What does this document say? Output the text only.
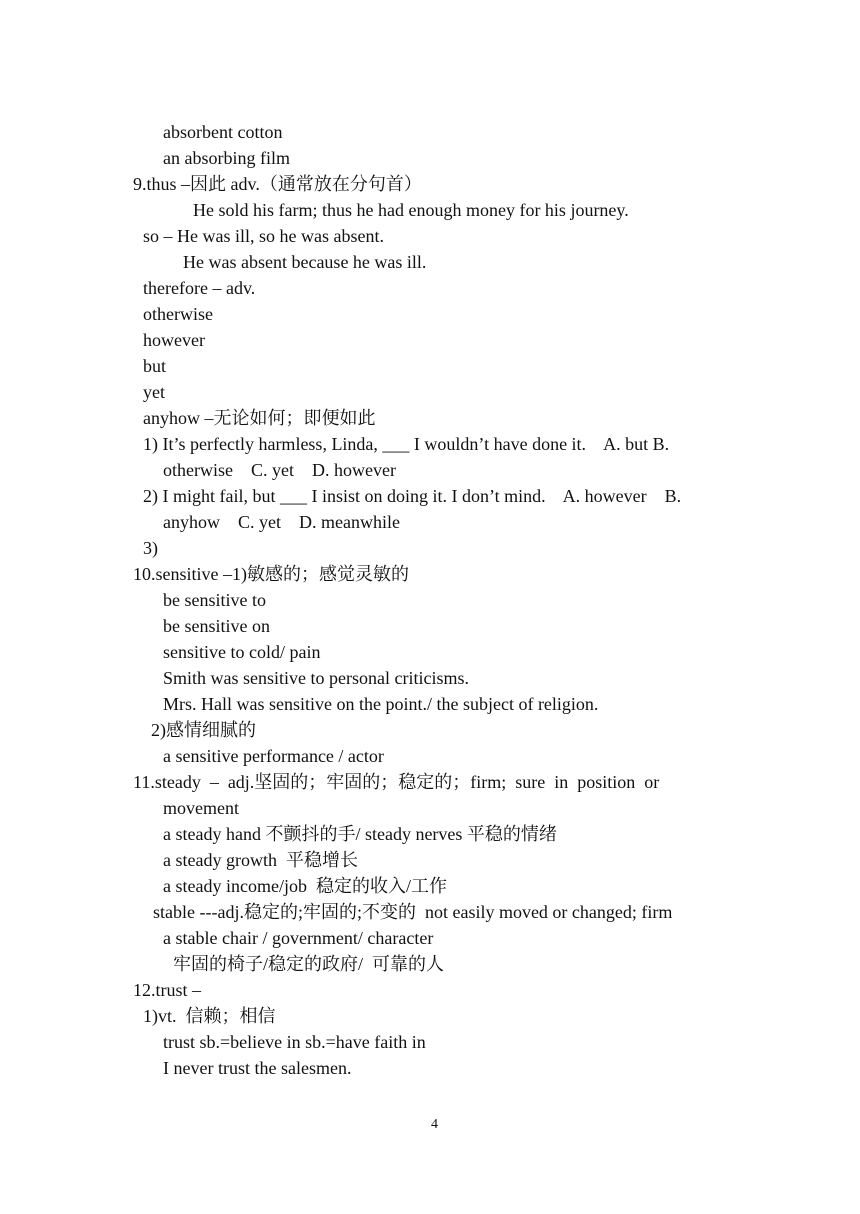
absorbent cotton
an absorbing film
9.thus –因此 adv.（通常放在分句首）
He sold his farm; thus he had enough money for his journey.
so – He was ill, so he was absent.
He was absent because he was ill.
therefore – adv.
otherwise
however
but
yet
anyhow –无论如何；即便如此
1) It’s perfectly harmless, Linda, ___ I wouldn’t have done it.    A. but B.
otherwise    C. yet    D. however
2) I might fail, but ___ I insist on doing it. I don’t mind.    A. however    B.
anyhow    C. yet    D. meanwhile
3)
10.sensitive –1)敏感的；感觉灵敏的
be sensitive to
be sensitive on
sensitive to cold/ pain
Smith was sensitive to personal criticisms.
Mrs. Hall was sensitive on the point./ the subject of religion.
2)感情细腻的
a sensitive performance / actor
11.steady  –  adj.坚固的；牢固的；稳定的；firm;  sure  in  position  or
movement
a steady hand 不颤抖的手/ steady nerves 平稳的情绪
a steady growth  平稳增长
a steady income/job  稳定的收入/工作
stable ---adj.稳定的;牢固的;不变的  not easily moved or changed; firm
a stable chair / government/ character
牢固的椅子/稳定的政府/  可靠的人
12.trust –
1)vt.  信赖；相信
trust sb.=believe in sb.=have faith in
I never trust the salesmen.
4
